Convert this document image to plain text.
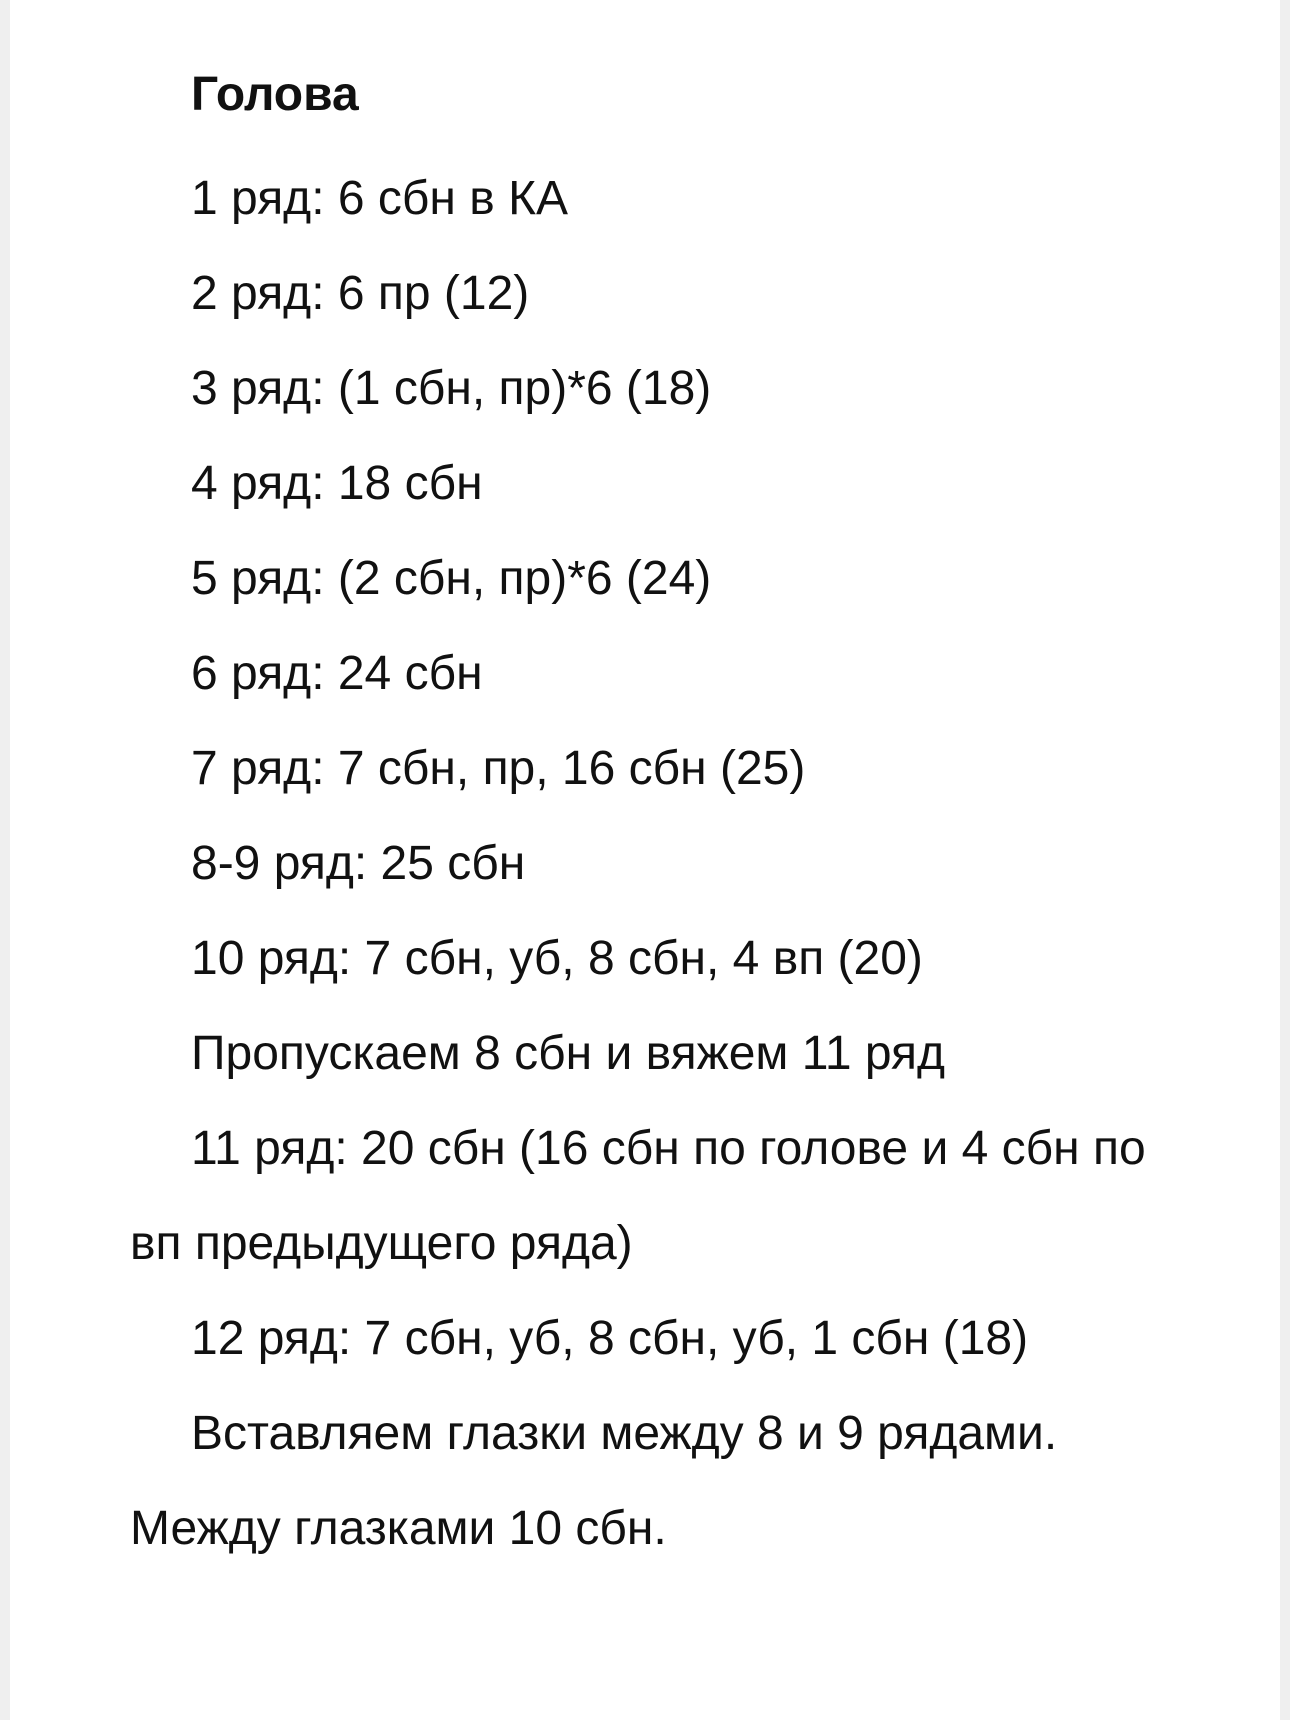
Голова

1 ряд: 6 сбн в КА

2 ряд: 6 пр (12)

3 ряд: (1 сбн, пр)*6 (18)

4 ряд: 18 сбн

5 ряд: (2 сбн, пр)*6 (24)

6 ряд: 24 сбн

7 ряд: 7 сбн, пр, 16 сбн (25)

8-9 ряд: 25 сбн

10 ряд: 7 сбн, уб, 8 сбн, 4 вп (20)

Пропускаем 8 сбн и вяжем 11 ряд

11 ряд: 20 сбн (16 сбн по голове и 4 сбн по вп предыдущего ряда)

12 ряд: 7 сбн, уб, 8 сбн, уб, 1 сбн (18)

Вставляем глазки между 8 и 9 рядами. Между глазками 10 сбн.
